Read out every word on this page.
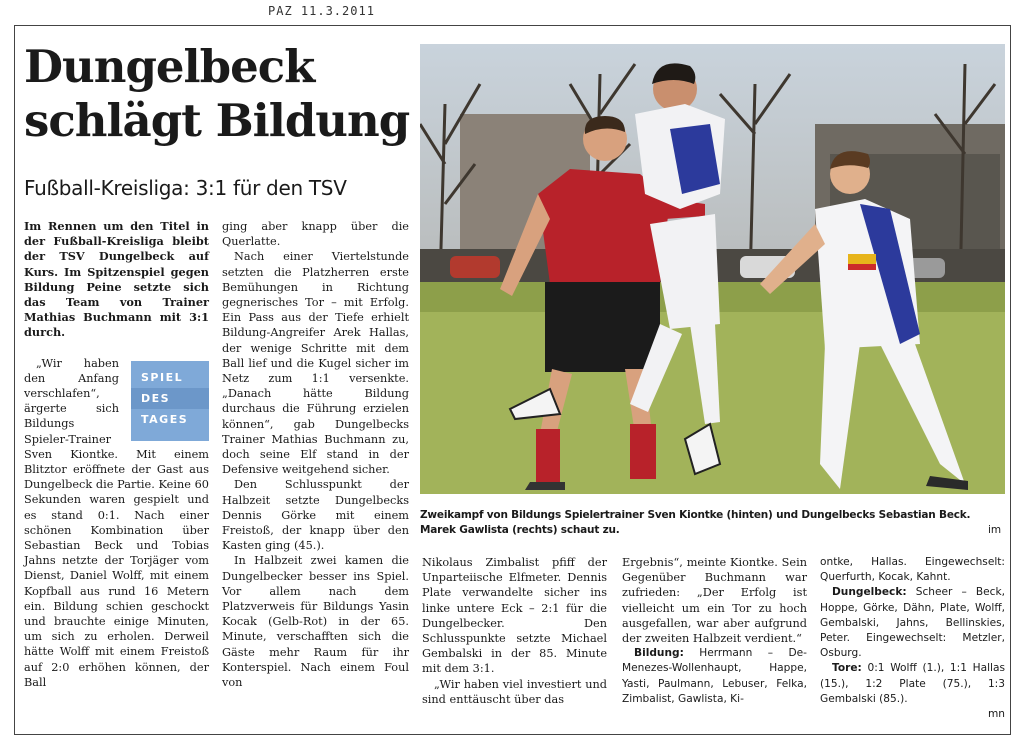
PAZ 11.3.2011
Dungelbeck schlägt Bildung
Fußball-Kreisliga: 3:1 für den TSV

Zweikampf von Bildungs Spielertrainer Sven Kiontke (hinten) und Dungelbecks Sebastian Beck. Marek Gawlista (rechts) schaut zu.	im

Im Rennen um den Titel in der Fußball-Kreisliga bleibt der TSV Dungelbeck auf Kurs. Im Spitzenspiel gegen Bildung Peine setzte sich das Team von Trainer Mathias Buchmann mit 3:1 durch.

SPIEL
DES
TAGES

„Wir haben den Anfang verschlafen“, ärgerte sich Bildungs Spieler-Trainer Sven Kiontke. Mit einem Blitztor eröffnete der Gast aus Dungelbeck die Partie. Keine 60 Sekunden waren gespielt und es stand 0:1. Nach einer schönen Kombination über Sebastian Beck und Tobias Jahns netzte der Torjäger vom Dienst, Daniel Wolff, mit einem Kopfball aus rund 16 Metern ein. Bildung schien geschockt und brauchte einige Minuten, um sich zu erholen. Derweil hätte Wolff mit einem Freistoß auf 2:0 erhöhen können, der Ball

ging aber knapp über die Querlatte.

Nach einer Viertelstunde setzten die Platzherren erste Bemühungen in Richtung gegnerisches Tor – mit Erfolg. Ein Pass aus der Tiefe erhielt Bildung-Angreifer Arek Hallas, der wenige Schritte mit dem Ball lief und die Kugel sicher im Netz zum 1:1 versenkte. „Danach hätte Bildung durchaus die Führung erzielen können“, gab Dungelbecks Trainer Mathias Buchmann zu, doch seine Elf stand in der Defensive weitgehend sicher.

Den Schlusspunkt der Halbzeit setzte Dungelbecks Dennis Görke mit einem Freistoß, der knapp über den Kasten ging (45.).

In Halbzeit zwei kamen die Dungelbecker besser ins Spiel. Vor allem nach dem Platzverweis für Bildungs Yasin Kocak (Gelb-Rot) in der 65. Minute, verschafften sich die Gäste mehr Raum für ihr Konterspiel. Nach einem Foul von

Nikolaus Zimbalist pfiff der Unparteiische Elfmeter. Dennis Plate verwandelte sicher ins linke untere Eck – 2:1 für die Dungelbecker. Den Schlusspunkte setzte Michael Gembalski in der 85. Minute mit dem 3:1.

„Wir haben viel investiert und sind enttäuscht über das

Ergebnis“, meinte Kiontke. Sein Gegenüber Buchmann war zufrieden: „Der Erfolg ist vielleicht um ein Tor zu hoch ausgefallen, war aber aufgrund der zweiten Halbzeit verdient.“

Bildung: Herrmann – De-Menezes-Wollenhaupt, Happe, Yasti, Paulmann, Lebuser, Felka, Zimbalist, Gawlista, Ki-

ontke, Hallas. Eingewechselt: Querfurth, Kocak, Kahnt.

Dungelbeck: Scheer – Beck, Hoppe, Görke, Dähn, Plate, Wolff, Gembalski, Jahns, Bellinskies, Peter. Eingewechselt: Metzler, Osburg.

Tore: 0:1 Wolff (1.), 1:1 Hallas (15.), 1:2 Plate (75.), 1:3 Gembalski (85.).

mn
